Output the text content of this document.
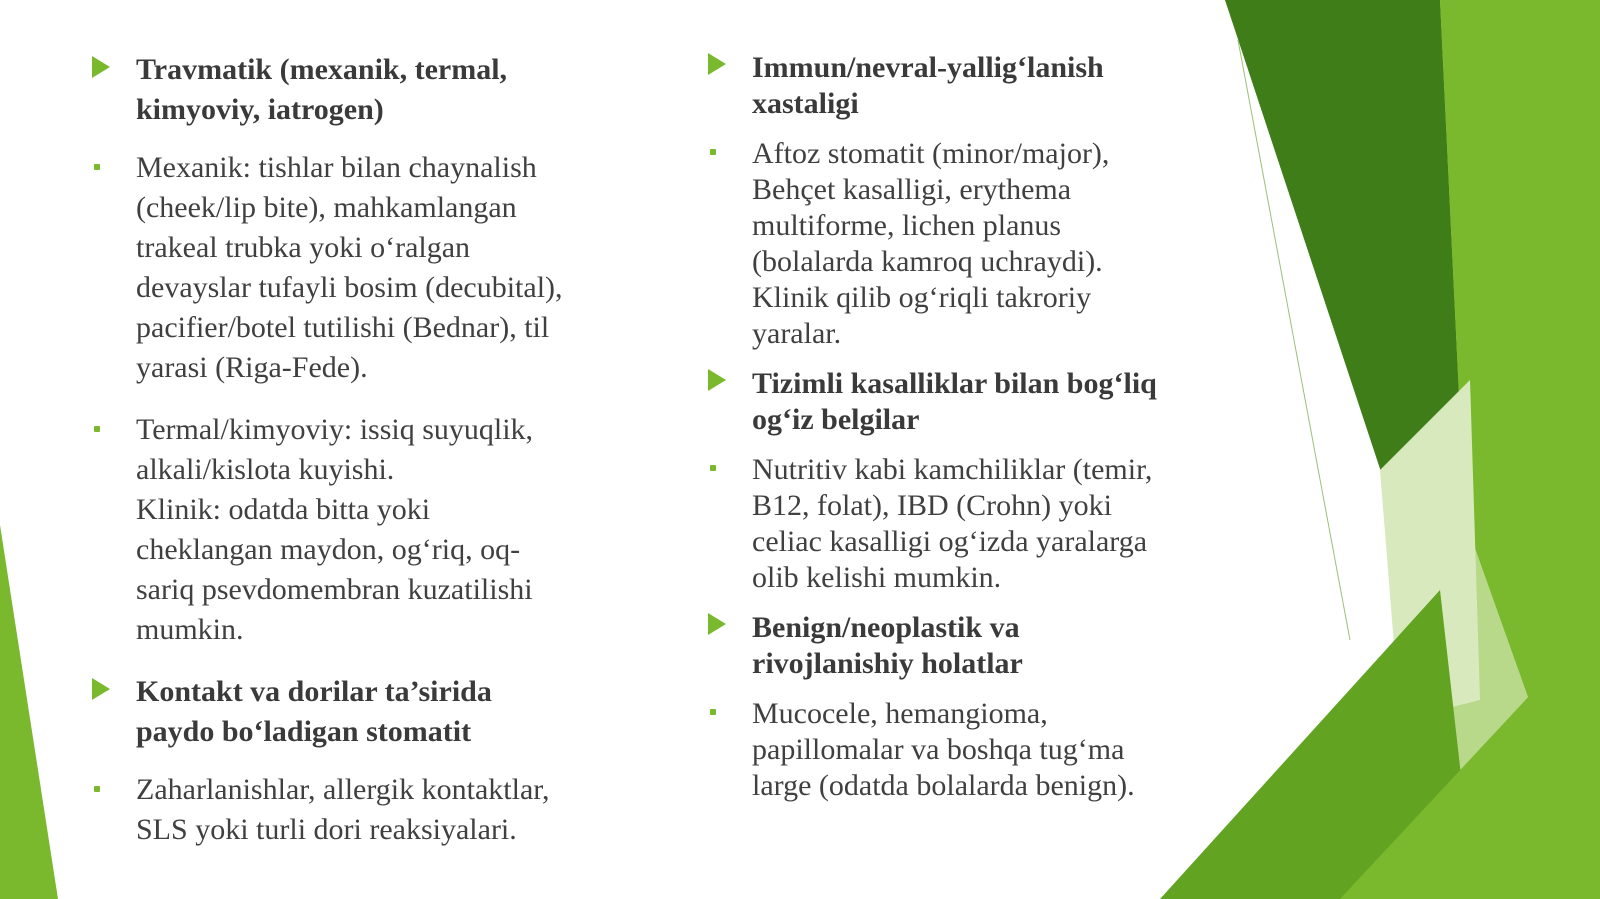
Travmatik (mexanik, termal,
kimyoviy, iatrogen)
Mexanik: tishlar bilan chaynalish
(cheek/lip bite), mahkamlangan
trakeal trubka yoki o‘ralgan
devayslar tufayli bosim (decubital),
pacifier/botel tutilishi (Bednar), til
yarasi (Riga-Fede).
Termal/kimyoviy: issiq suyuqlik,
alkali/kislota kuyishi.
Klinik: odatda bitta yoki
cheklangan maydon, og‘riq, oq-
sariq psevdomembran kuzatilishi
mumkin.
Kontakt va dorilar ta’sirida
paydo bo‘ladigan stomatit
Zaharlanishlar, allergik kontaktlar,
SLS yoki turli dori reaksiyalari.
Immun/nevral-yallig‘lanish
xastaligi
Aftoz stomatit (minor/major),
Behçet kasalligi, erythema
multiforme, lichen planus
(bolalarda kamroq uchraydi).
Klinik qilib og‘riqli takroriy
yaralar.
Tizimli kasalliklar bilan bog‘liq
og‘iz belgilar
Nutritiv kabi kamchiliklar (temir,
B12, folat), IBD (Crohn) yoki
celiac kasalligi og‘izda yaralarga
olib kelishi mumkin.
Benign/neoplastik va
rivojlanishiy holatlar
Mucocele, hemangioma,
papillomalar va boshqa tug‘ma
large (odatda bolalarda benign).
